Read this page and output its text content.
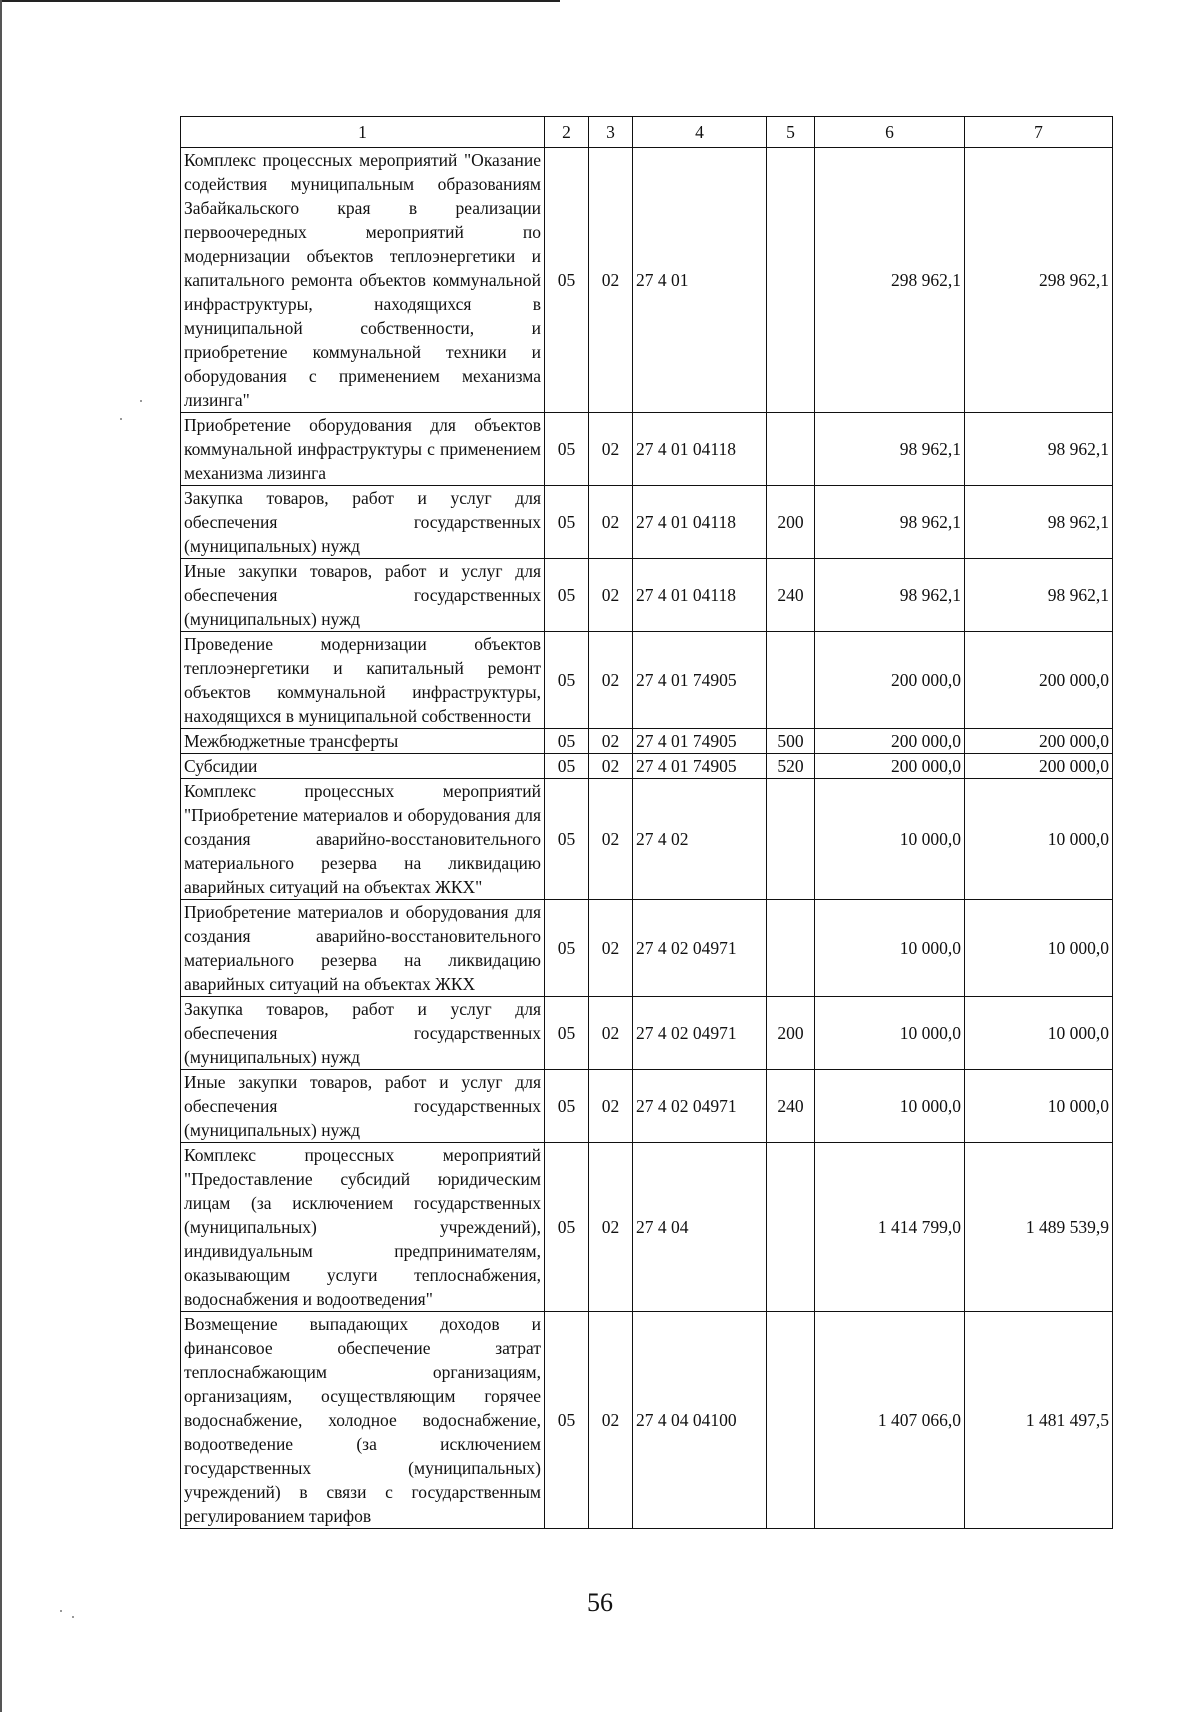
1	2	3	4	5	6	7
Комплекс процессных мероприятий "Оказание содействия муниципальным образованиям Забайкальского края в реализации первоочередных мероприятий по модернизации объектов теплоэнергетики и капитального ремонта объектов коммунальной инфраструктуры, находящихся в муниципальной собственности, и приобретение коммунальной техники и оборудования с применением механизма лизинга"	05	02	27 4 01		298 962,1	298 962,1
Приобретение оборудования для объектов коммунальной инфраструктуры с применением механизма лизинга	05	02	27 4 01 04118		98 962,1	98 962,1
Закупка товаров, работ и услуг для обеспечения государственных (муниципальных) нужд	05	02	27 4 01 04118	200	98 962,1	98 962,1
Иные закупки товаров, работ и услуг для обеспечения государственных (муниципальных) нужд	05	02	27 4 01 04118	240	98 962,1	98 962,1
Проведение модернизации объектов теплоэнергетики и капитальный ремонт объектов коммунальной инфраструктуры, находящихся в муниципальной собственности	05	02	27 4 01 74905		200 000,0	200 000,0
Межбюджетные трансферты	05	02	27 4 01 74905	500	200 000,0	200 000,0
Субсидии	05	02	27 4 01 74905	520	200 000,0	200 000,0
Комплекс процессных мероприятий "Приобретение материалов и оборудования для создания аварийно-восстановительного материального резерва на ликвидацию аварийных ситуаций на объектах ЖКХ"	05	02	27 4 02		10 000,0	10 000,0
Приобретение материалов и оборудования для создания аварийно-восстановительного материального резерва на ликвидацию аварийных ситуаций на объектах ЖКХ	05	02	27 4 02 04971		10 000,0	10 000,0
Закупка товаров, работ и услуг для обеспечения государственных (муниципальных) нужд	05	02	27 4 02 04971	200	10 000,0	10 000,0
Иные закупки товаров, работ и услуг для обеспечения государственных (муниципальных) нужд	05	02	27 4 02 04971	240	10 000,0	10 000,0
Комплекс процессных мероприятий "Предоставление субсидий юридическим лицам (за исключением государственных (муниципальных) учреждений), индивидуальным предпринимателям, оказывающим услуги теплоснабжения, водоснабжения и водоотведения"	05	02	27 4 04		1 414 799,0	1 489 539,9
Возмещение выпадающих доходов и финансовое обеспечение затрат теплоснабжающим организациям, организациям, осуществляющим горячее водоснабжение, холодное водоснабжение, водоотведение (за исключением государственных (муниципальных) учреждений) в связи с государственным регулированием тарифов	05	02	27 4 04 04100		1 407 066,0	1 481 497,5
56
